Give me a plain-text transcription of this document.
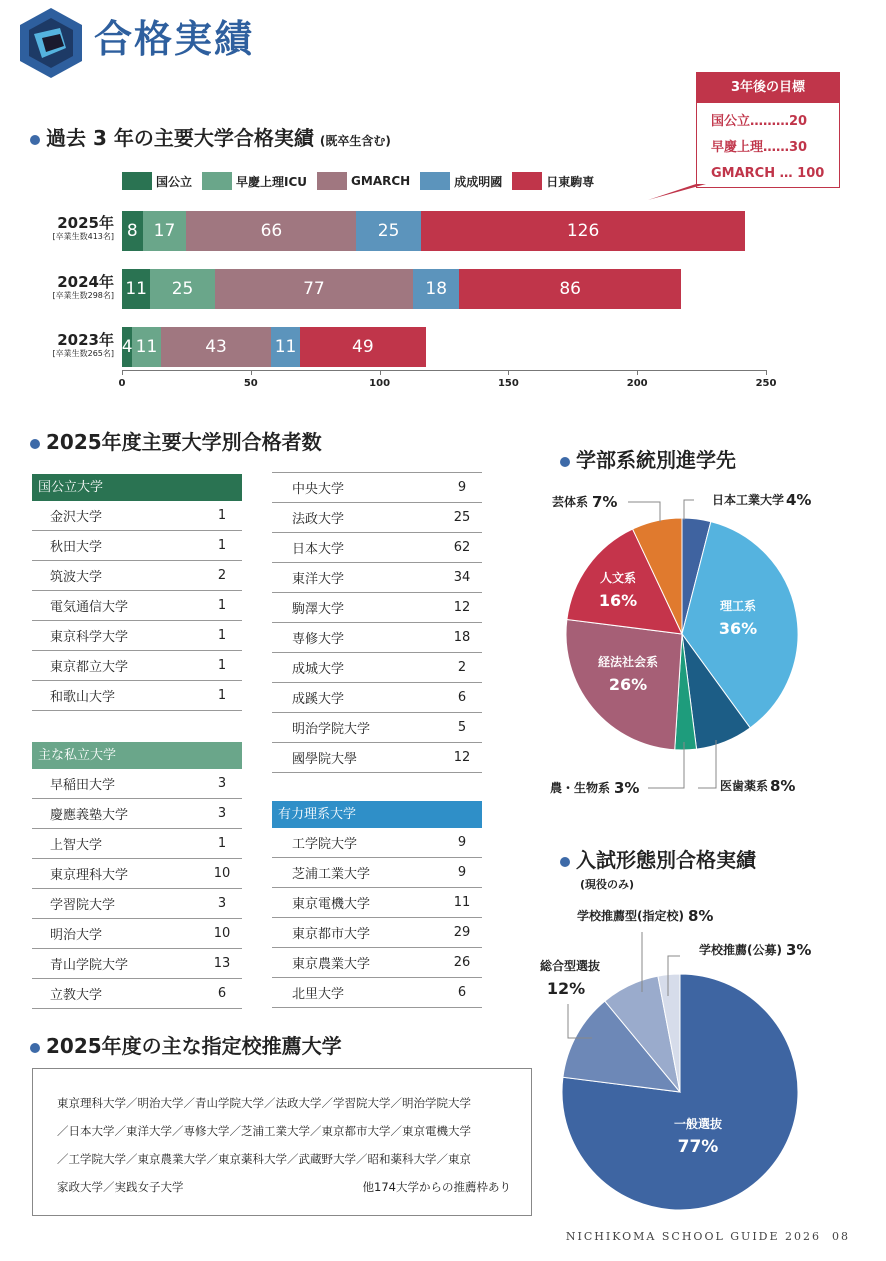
合格実績
過去 3 年の主要大学合格実績 (既卒生含む)
3年後の目標
国公立………20
早慶上理……30
GMARCH … 100
国公立	早慶上理ICU	GMARCH	成成明國	日東駒専
2025年
[卒業生数413名]
2024年
[卒業生数298名]
2023年
[卒業生数265名]
8 17	66	25	126
11	25	77	18	86
4 11	43	11	49
0	50	100	150	200	250
2025年度主要大学別合格者数
国公立大学
金沢大学	1
秋田大学	1
筑波大学	2
電気通信大学	1
東京科学大学	1
東京都立大学	1
和歌山大学	1
主な私立大学
早稲田大学	3
慶應義塾大学	3
上智大学	1
東京理科大学	10
学習院大学	3
明治大学	10
青山学院大学	13
立教大学	6
中央大学	9
法政大学	25
日本大学	62
東洋大学	34
駒澤大学	12
専修大学	18
成城大学	2
成蹊大学	6
明治学院大学	5
國學院大學	12
有力理系大学
工学院大学	9
芝浦工業大学	9
東京電機大学	11
東京都市大学	29
東京農業大学	26
北里大学	6
学部系統別進学先
日本工業大学 4%
理工系
36%
医歯薬系 8%
農・生物系 3%
経法社会系
26%
人文系
16%
芸体系 7%
入試形態別合格実績
(現役のみ)
一般選抜
77%
総合型選抜
12%
学校推薦型(指定校) 8%
学校推薦(公募) 3%
2025年度の主な指定校推薦大学
東京理科大学／明治大学／青山学院大学／法政大学／学習院大学／明治学院大学
／日本大学／東洋大学／専修大学／芝浦工業大学／東京都市大学／東京電機大学
／工学院大学／東京農業大学／東京薬科大学／武蔵野大学／昭和薬科大学／東京
家政大学／実践女子大学	他174大学からの推薦枠あり
NICHIKOMA SCHOOL GUIDE 2026 08
